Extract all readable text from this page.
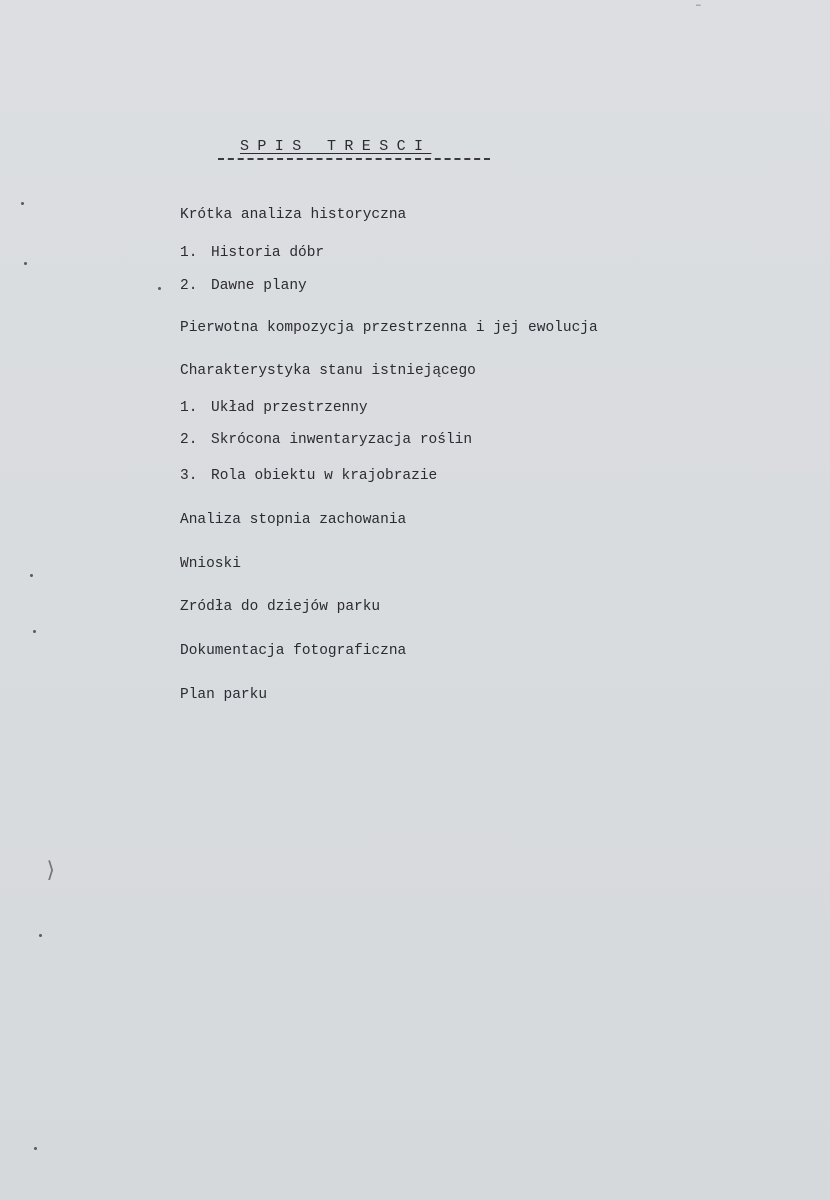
SPIS TRESCI
Krótka analiza historyczna
1. Historia dóbr
2. Dawne plany
Pierwotna kompozycja przestrzenna i jej ewolucja
Charakterystyka stanu istniejącego
1. Układ przestrzenny
2. Skrócona inwentaryzacja roślin
3. Rola obiektu w krajobrazie
Analiza stopnia zachowania
Wnioski
Zródła do dziejów parku
Dokumentacja fotograficzna
Plan parku
⟩
‒
